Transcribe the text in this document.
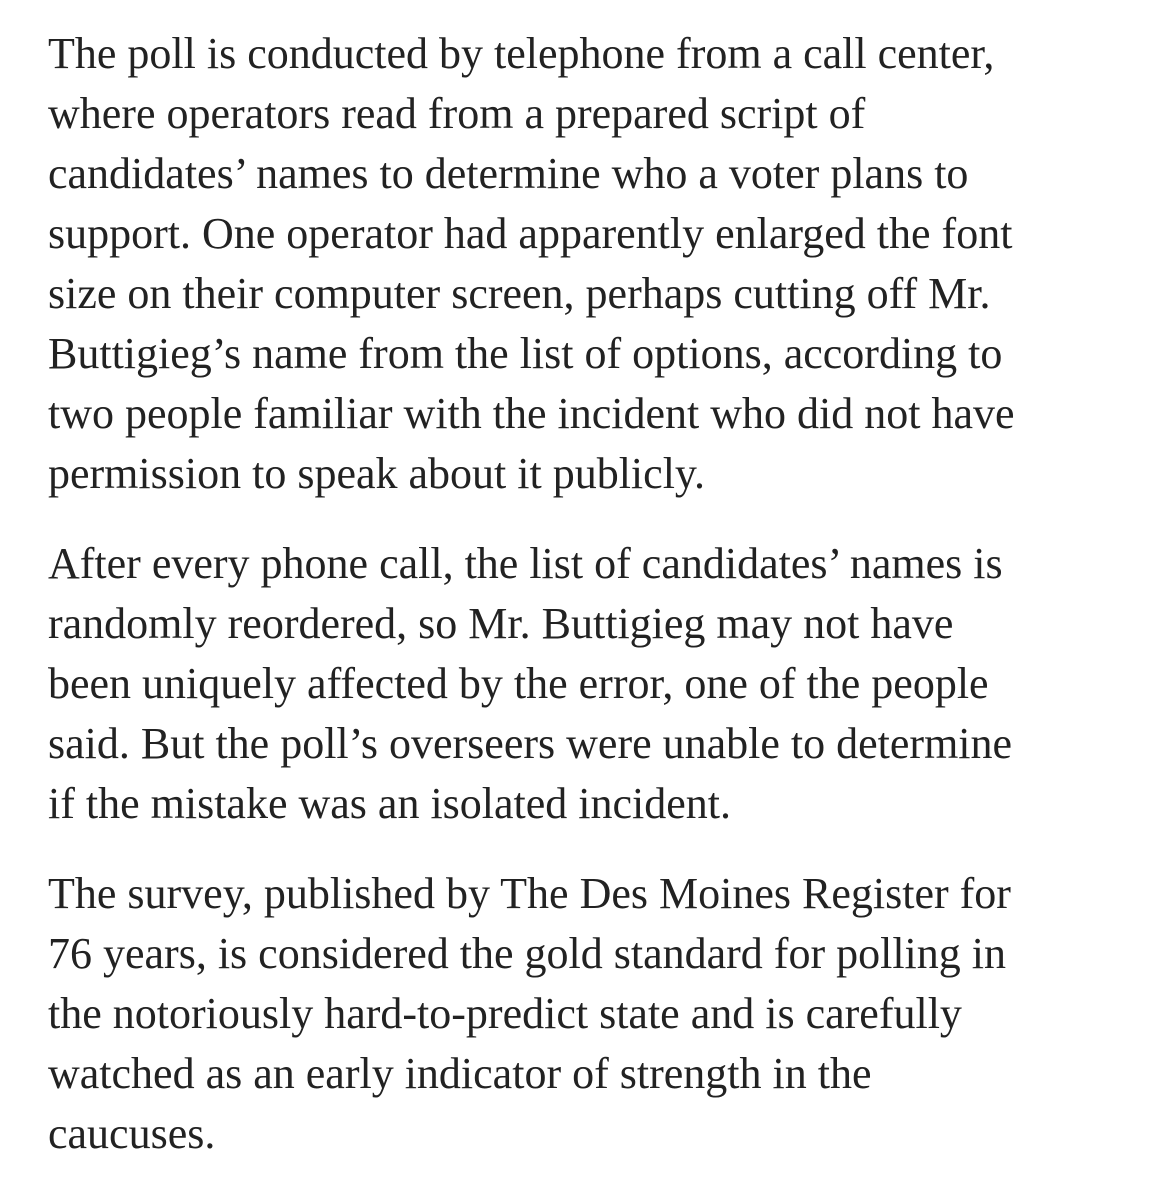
The poll is conducted by telephone from a call center,
where operators read from a prepared script of
candidates’ names to determine who a voter plans to
support. One operator had apparently enlarged the font
size on their computer screen, perhaps cutting off Mr.
Buttigieg’s name from the list of options, according to
two people familiar with the incident who did not have
permission to speak about it publicly.

After every phone call, the list of candidates’ names is
randomly reordered, so Mr. Buttigieg may not have
been uniquely affected by the error, one of the people
said. But the poll’s overseers were unable to determine
if the mistake was an isolated incident.

The survey, published by The Des Moines Register for
76 years, is considered the gold standard for polling in
the notoriously hard-to-predict state and is carefully
watched as an early indicator of strength in the
caucuses.
